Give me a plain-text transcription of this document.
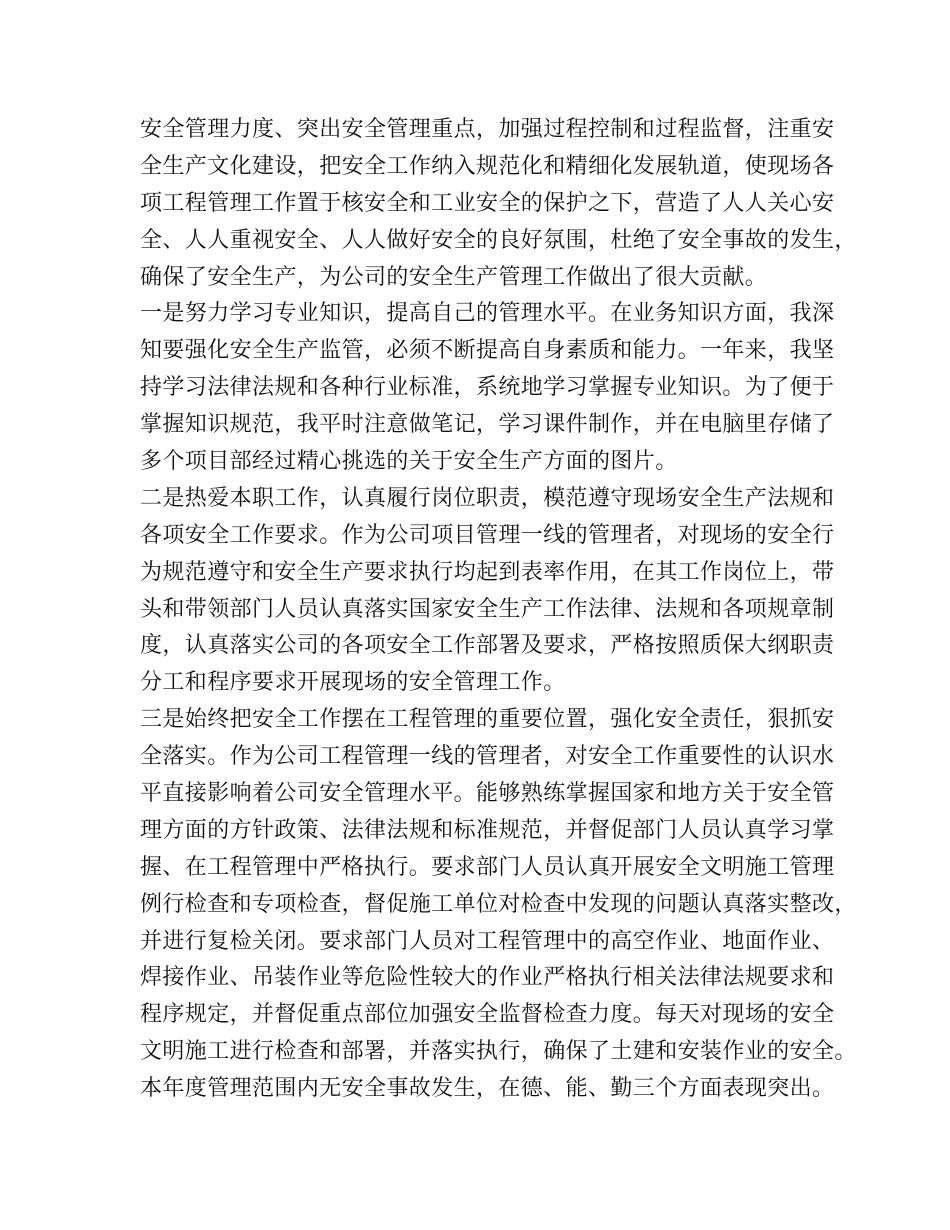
安全管理力度、突出安全管理重点，加强过程控制和过程监督，注重安
全生产文化建设，把安全工作纳入规范化和精细化发展轨道，使现场各
项工程管理工作置于核安全和工业安全的保护之下，营造了人人关心安
全、人人重视安全、人人做好安全的良好氛围，杜绝了安全事故的发生，
确保了安全生产，为公司的安全生产管理工作做出了很大贡献。
一是努力学习专业知识，提高自己的管理水平。在业务知识方面，我深
知要强化安全生产监管，必须不断提高自身素质和能力。一年来，我坚
持学习法律法规和各种行业标准，系统地学习掌握专业知识。为了便于
掌握知识规范，我平时注意做笔记，学习课件制作，并在电脑里存储了
多个项目部经过精心挑选的关于安全生产方面的图片。
二是热爱本职工作，认真履行岗位职责，模范遵守现场安全生产法规和
各项安全工作要求。作为公司项目管理一线的管理者，对现场的安全行
为规范遵守和安全生产要求执行均起到表率作用，在其工作岗位上，带
头和带领部门人员认真落实国家安全生产工作法律、法规和各项规章制
度，认真落实公司的各项安全工作部署及要求，严格按照质保大纲职责
分工和程序要求开展现场的安全管理工作。
三是始终把安全工作摆在工程管理的重要位置，强化安全责任，狠抓安
全落实。作为公司工程管理一线的管理者，对安全工作重要性的认识水
平直接影响着公司安全管理水平。能够熟练掌握国家和地方关于安全管
理方面的方针政策、法律法规和标准规范，并督促部门人员认真学习掌
握、在工程管理中严格执行。要求部门人员认真开展安全文明施工管理
例行检查和专项检查，督促施工单位对检查中发现的问题认真落实整改，
并进行复检关闭。要求部门人员对工程管理中的高空作业、地面作业、
焊接作业、吊装作业等危险性较大的作业严格执行相关法律法规要求和
程序规定，并督促重点部位加强安全监督检查力度。每天对现场的安全
文明施工进行检查和部署，并落实执行，确保了土建和安装作业的安全。
本年度管理范围内无安全事故发生，在德、能、勤三个方面表现突出。
